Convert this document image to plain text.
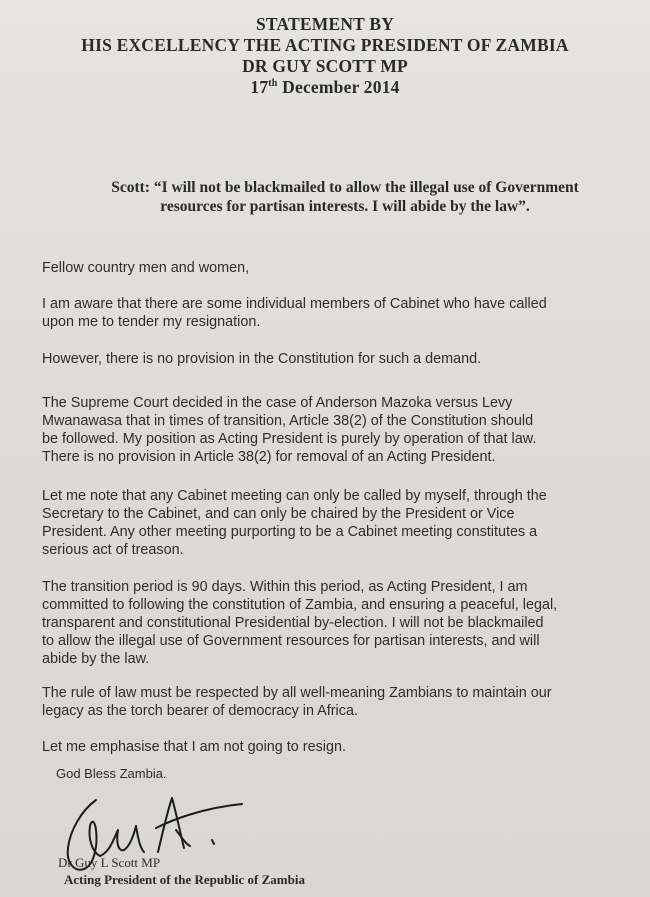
STATEMENT BY
HIS EXCELLENCY THE ACTING PRESIDENT OF ZAMBIA
DR GUY SCOTT MP
17th December 2014
Scott: “I will not be blackmailed to allow the illegal use of Government
resources for partisan interests. I will abide by the law”.
Fellow country men and women,
I am aware that there are some individual members of Cabinet who have called
upon me to tender my resignation.
However, there is no provision in the Constitution for such a demand.
The Supreme Court decided in the case of Anderson Mazoka versus Levy
Mwanawasa that in times of transition, Article 38(2) of the Constitution should
be followed. My position as Acting President is purely by operation of that law.
There is no provision in Article 38(2) for removal of an Acting President.
Let me note that any Cabinet meeting can only be called by myself, through the
Secretary to the Cabinet, and can only be chaired by the President or Vice
President. Any other meeting purporting to be a Cabinet meeting constitutes a
serious act of treason.
The transition period is 90 days. Within this period, as Acting President, I am
committed to following the constitution of Zambia, and ensuring a peaceful, legal,
transparent and constitutional Presidential by-election. I will not be blackmailed
to allow the illegal use of Government resources for partisan interests, and will
abide by the law.
The rule of law must be respected by all well-meaning Zambians to maintain our
legacy as the torch bearer of democracy in Africa.
Let me emphasise that I am not going to resign.
God Bless Zambia.
Dr Guy L Scott MP
Acting President of the Republic of Zambia
